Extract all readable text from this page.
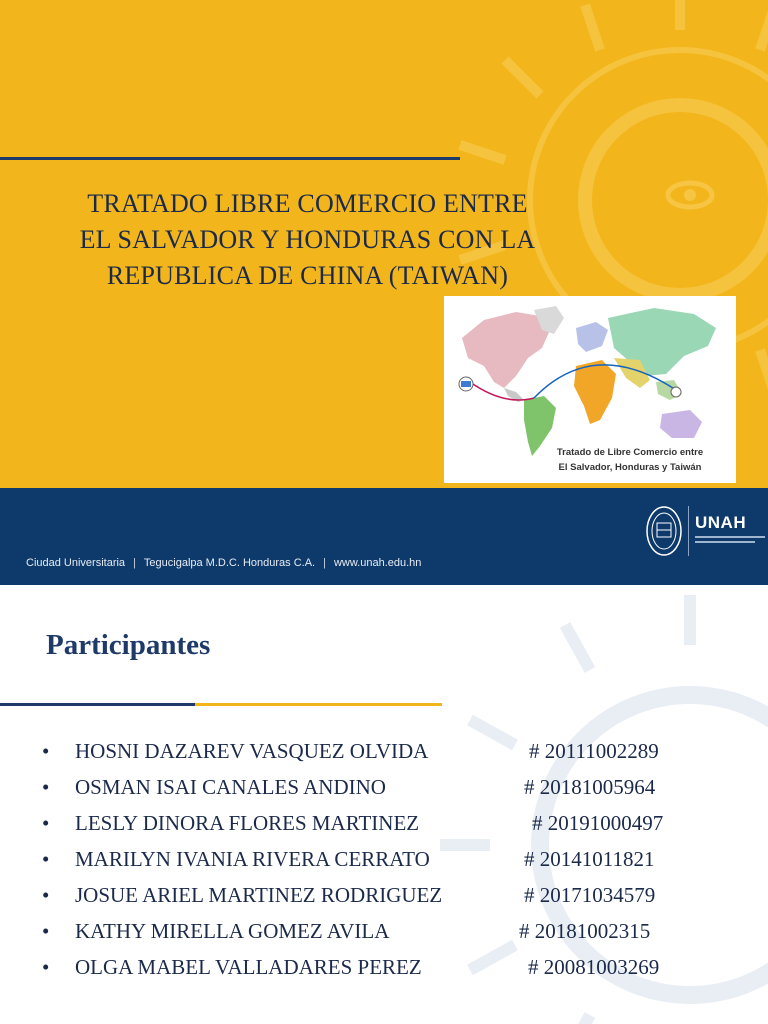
TRATADO LIBRE COMERCIO ENTRE
EL SALVADOR Y HONDURAS CON LA
REPUBLICA DE CHINA (TAIWAN)
Tratado de Libre Comercio entre
El Salvador, Honduras y Taiwán
Ciudad Universitaria | Tegucigalpa M.D.C. Honduras C.A. | www.unah.edu.hn
UNAH
Participantes
•	HOSNI DAZAREV VASQUEZ OLVIDA	# 20111002289
•	OSMAN ISAI CANALES ANDINO	# 20181005964
•	LESLY DINORA FLORES MARTINEZ	# 20191000497
•	MARILYN IVANIA RIVERA CERRATO	# 20141011821
•	JOSUE ARIEL MARTINEZ RODRIGUEZ	# 20171034579
•	KATHY MIRELLA GOMEZ AVILA	# 20181002315
•	OLGA MABEL VALLADARES PEREZ	# 20081003269
